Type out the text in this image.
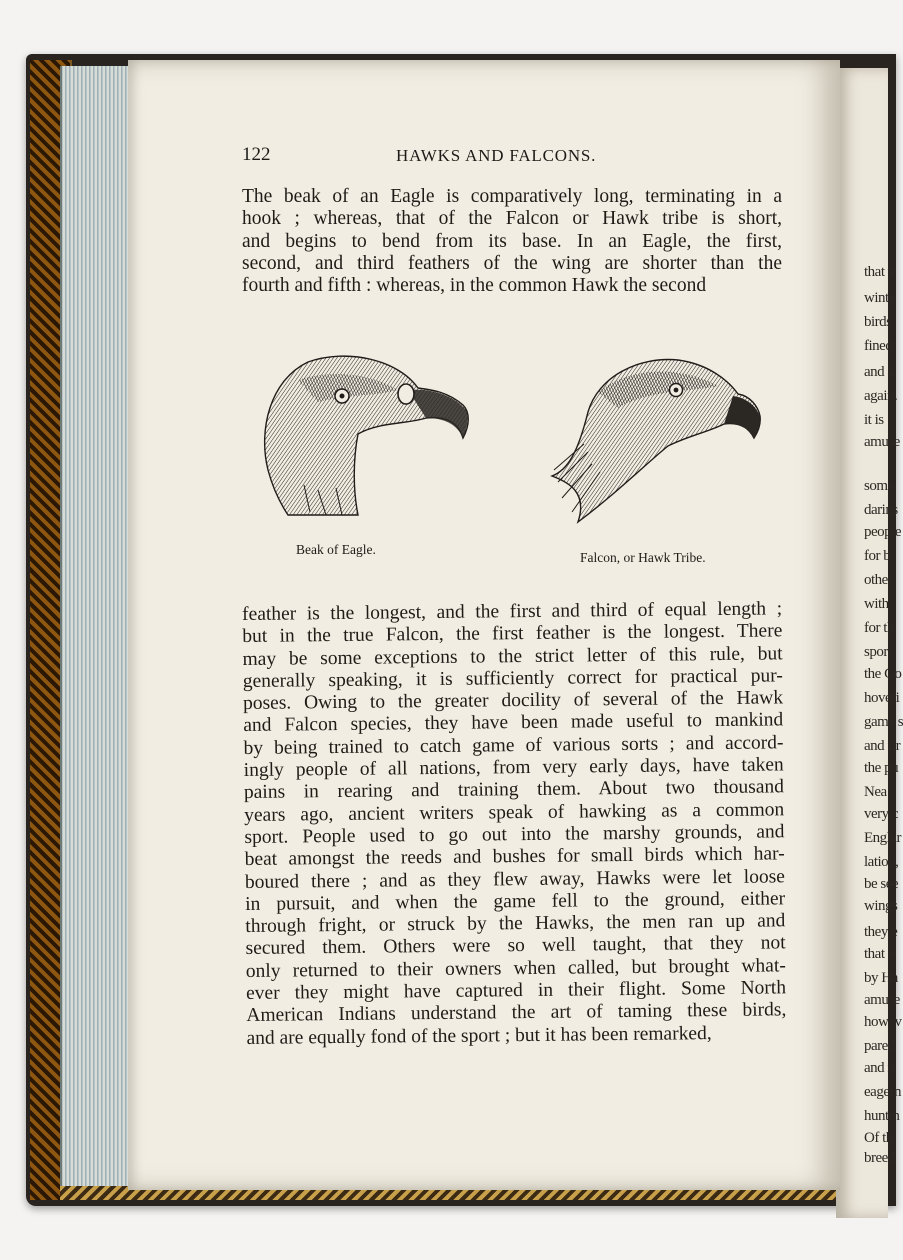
that v
winte
birds,
fined,
and a
again.
it is
amuse
some
darins
people
for b
other
with
for th
sport.
the Go
hoveri
game s
and fir
the pu
Nea
very c
Englar
lation,
be see
wings
they e
that o
by Ha
amuse
howev
pared
and n
eagern
huntin
Of th
breed
122	HAWKS AND FALCONS.
The beak of an Eagle is comparatively long, terminating in a
hook ; whereas, that of the Falcon or Hawk tribe is short,
and begins to bend from its base. In an Eagle, the first,
second, and third feathers of the wing are shorter than the
fourth and fifth : whereas, in the common Hawk the second
Beak of Eagle.
Falcon, or Hawk Tribe.
feather is the longest, and the first and third of equal length ;
but in the true Falcon, the first feather is the longest. There
may be some exceptions to the strict letter of this rule, but
generally speaking, it is sufficiently correct for practical pur-
poses. Owing to the greater docility of several of the Hawk
and Falcon species, they have been made useful to mankind
by being trained to catch game of various sorts ; and accord-
ingly people of all nations, from very early days, have taken
pains in rearing and training them. About two thousand
years ago, ancient writers speak of hawking as a common
sport. People used to go out into the marshy grounds, and
beat amongst the reeds and bushes for small birds which har-
boured there ; and as they flew away, Hawks were let loose
in pursuit, and when the game fell to the ground, either
through fright, or struck by the Hawks, the men ran up and
secured them. Others were so well taught, that they not
only returned to their owners when called, but brought what-
ever they might have captured in their flight. Some North
American Indians understand the art of taming these birds,
and are equally fond of the sport ; but it has been remarked,
